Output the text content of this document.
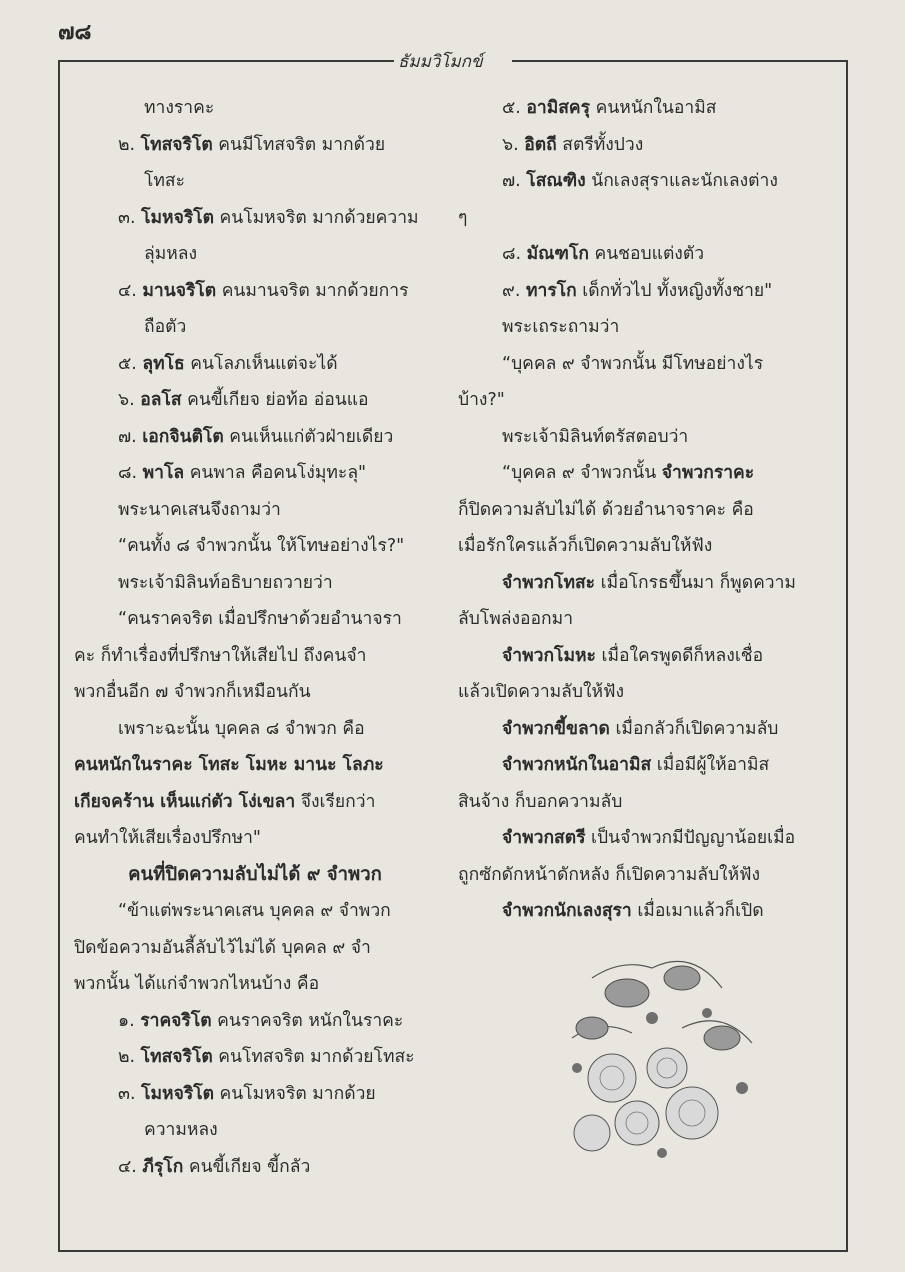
๗๘
ธัมมวิโมกข์
ทางราคะ
๒. โทสจริโต คนมีโทสจริต มากด้วย
โทสะ
๓. โมหจริโต คนโมหจริต มากด้วยความ
ลุ่มหลง
๔. มานจริโต คนมานจริต มากด้วยการ
ถือตัว
๕. ลุทโธ คนโลภเห็นแต่จะได้
๖. อลโส คนขี้เกียจ ย่อท้อ อ่อนแอ
๗. เอกจินติโต คนเห็นแก่ตัวฝ่ายเดียว
๘. พาโล คนพาล คือคนโง่มุทะลุ"
พระนาคเสนจึงถามว่า
“คนทั้ง ๘ จำพวกนั้น ให้โทษอย่างไร?"
พระเจ้ามิลินท์อธิบายถวายว่า
“คนราคจริต เมื่อปรึกษาด้วยอำนาจรา
คะ ก็ทำเรื่องที่ปรึกษาให้เสียไป ถึงคนจำ
พวกอื่นอีก ๗ จำพวกก็เหมือนกัน
เพราะฉะนั้น บุคคล ๘ จำพวก คือ
คนหนักในราคะ โทสะ โมหะ มานะ โลภะ
เกียจคร้าน เห็นแก่ตัว โง่เขลา จึงเรียกว่า
คนทำให้เสียเรื่องปรึกษา"
คนที่ปิดความลับไม่ได้ ๙ จำพวก
“ข้าแต่พระนาคเสน บุคคล ๙ จำพวก
ปิดข้อความอันลี้ลับไว้ไม่ได้ บุคคล ๙ จำ
พวกนั้น ได้แก่จำพวกไหนบ้าง คือ
๑. ราคจริโต คนราคจริต หนักในราคะ
๒. โทสจริโต คนโทสจริต มากด้วยโทสะ
๓. โมหจริโต คนโมหจริต มากด้วย
ความหลง
๔. ภีรุโก คนขี้เกียจ ขี้กลัว
๕. อามิสครุ คนหนักในอามิส
๖. อิตถี สตรีทั้งปวง
๗. โสณฑิง นักเลงสุราและนักเลงต่าง
ๆ
๘. มัณฑโก คนชอบแต่งตัว
๙. ทารโก เด็กทั่วไป ทั้งหญิงทั้งชาย"
พระเถระถามว่า
“บุคคล ๙ จำพวกนั้น มีโทษอย่างไร
บ้าง?"
พระเจ้ามิลินท์ตรัสตอบว่า
“บุคคล ๙ จำพวกนั้น จำพวกราคะ
ก็ปิดความลับไม่ได้ ด้วยอำนาจราคะ คือ
เมื่อรักใครแล้วก็เปิดความลับให้ฟัง
จำพวกโทสะ เมื่อโกรธขึ้นมา ก็พูดความ
ลับโพล่งออกมา
จำพวกโมหะ เมื่อใครพูดดีก็หลงเชื่อ
แล้วเปิดความลับให้ฟัง
จำพวกขี้ขลาด เมื่อกลัวก็เปิดความลับ
จำพวกหนักในอามิส เมื่อมีผู้ให้อามิส
สินจ้าง ก็บอกความลับ
จำพวกสตรี เป็นจำพวกมีปัญญาน้อยเมื่อ
ถูกซักดักหน้าดักหลัง ก็เปิดความลับให้ฟัง
จำพวกนักเลงสุรา เมื่อเมาแล้วก็เปิด
